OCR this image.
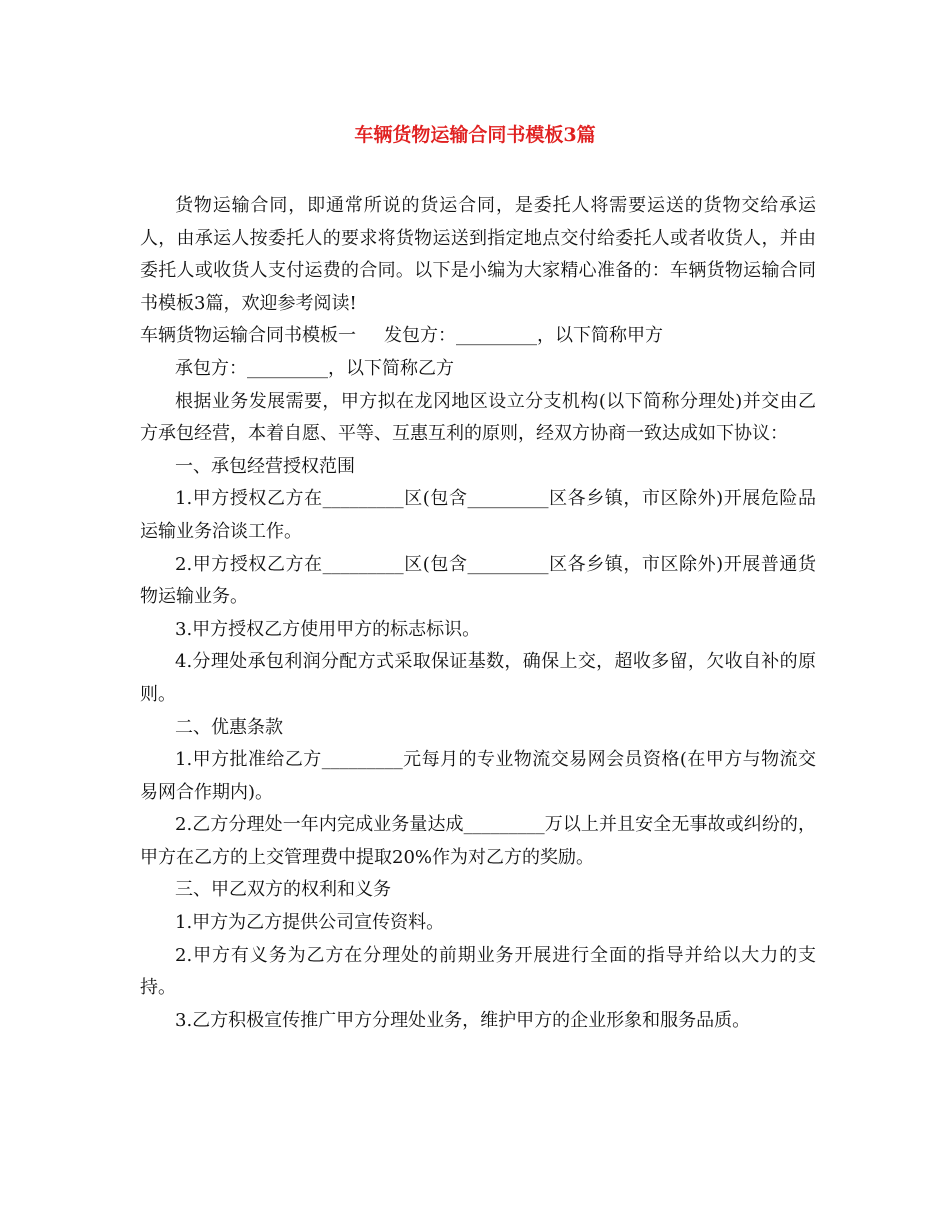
车辆货物运输合同书模板3篇

货物运输合同，即通常所说的货运合同，是委托人将需要运送的货物交给承运人，由承运人按委托人的要求将货物运送到指定地点交付给委托人或者收货人，并由委托人或收货人支付运费的合同。以下是小编为大家精心准备的：车辆货物运输合同书模板3篇，欢迎参考阅读!

车辆货物运输合同书模板一 发包方：_________，以下简称甲方

承包方：_________，以下简称乙方

根据业务发展需要，甲方拟在龙冈地区设立分支机构(以下简称分理处)并交由乙方承包经营，本着自愿、平等、互惠互利的原则，经双方协商一致达成如下协议：

一、承包经营授权范围

1.甲方授权乙方在_________区(包含_________区各乡镇，市区除外)开展危险品运输业务洽谈工作。

2.甲方授权乙方在_________区(包含_________区各乡镇，市区除外)开展普通货物运输业务。

3.甲方授权乙方使用甲方的标志标识。

4.分理处承包利润分配方式采取保证基数，确保上交，超收多留，欠收自补的原则。

二、优惠条款

1.甲方批准给乙方_________元每月的专业物流交易网会员资格(在甲方与物流交易网合作期内)。

2.乙方分理处一年内完成业务量达成_________万以上并且安全无事故或纠纷的，甲方在乙方的上交管理费中提取20%作为对乙方的奖励。

三、甲乙双方的权利和义务

1.甲方为乙方提供公司宣传资料。

2.甲方有义务为乙方在分理处的前期业务开展进行全面的指导并给以大力的支持。

3.乙方积极宣传推广甲方分理处业务，维护甲方的企业形象和服务品质。
